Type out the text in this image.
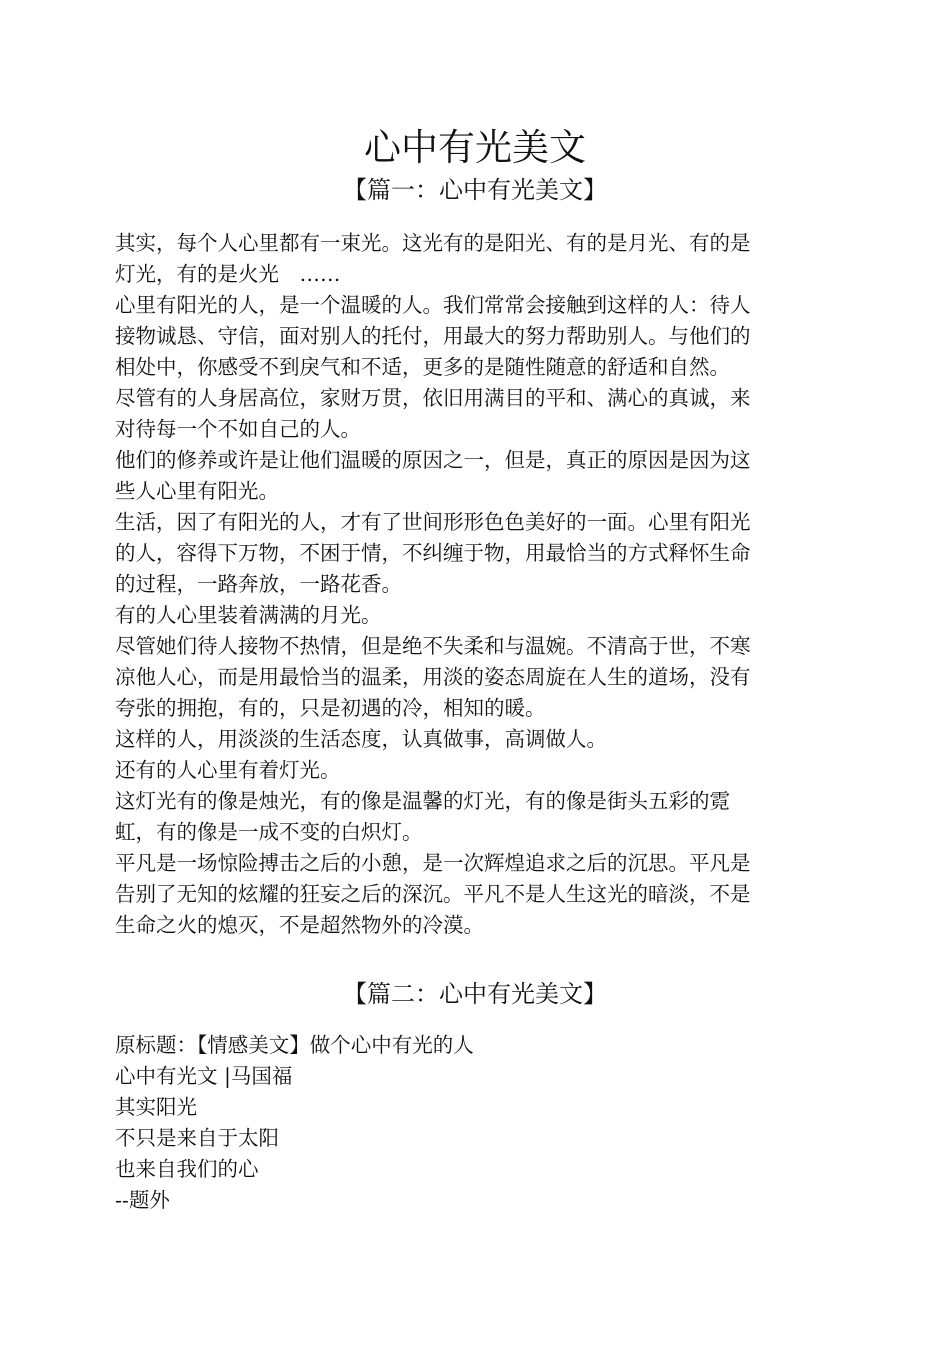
心中有光美文
【篇一：心中有光美文】

其实，每个人心里都有一束光。这光有的是阳光、有的是月光、有的是灯光，有的是火光　……

心里有阳光的人，是一个温暖的人。我们常常会接触到这样的人：待人接物诚恳、守信，面对别人的托付，用最大的努力帮助别人。与他们的相处中，你感受不到戾气和不适，更多的是随性随意的舒适和自然。

尽管有的人身居高位，家财万贯，依旧用满目的平和、满心的真诚，来对待每一个不如自己的人。

他们的修养或许是让他们温暖的原因之一，但是，真正的原因是因为这些人心里有阳光。

生活，因了有阳光的人，才有了世间形形色色美好的一面。心里有阳光的人，容得下万物，不困于情，不纠缠于物，用最恰当的方式释怀生命的过程，一路奔放，一路花香。

有的人心里装着满满的月光。

尽管她们待人接物不热情，但是绝不失柔和与温婉。不清高于世，不寒凉他人心，而是用最恰当的温柔，用淡的姿态周旋在人生的道场，没有夸张的拥抱，有的，只是初遇的冷，相知的暖。

这样的人，用淡淡的生活态度，认真做事，高调做人。

还有的人心里有着灯光。

这灯光有的像是烛光，有的像是温馨的灯光，有的像是街头五彩的霓虹，有的像是一成不变的白炽灯。

平凡是一场惊险搏击之后的小憩，是一次辉煌追求之后的沉思。平凡是告别了无知的炫耀的狂妄之后的深沉。平凡不是人生这光的暗淡，不是生命之火的熄灭，不是超然物外的冷漠。

【篇二：心中有光美文】

原标题：【情感美文】做个心中有光的人

心中有光文 |马国福

其实阳光

不只是来自于太阳

也来自我们的心

--题外
